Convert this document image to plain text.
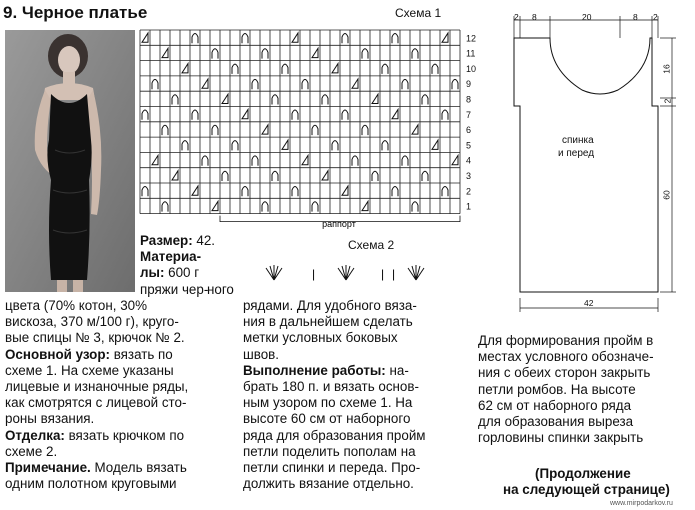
9. Черное платье	Схема 1
12
11
10
9
8
7
6
5
4
3
2
1
раппорт
Схема 2
|	| |
2 8	20	8 2
16
2
60
42
спинка
и перед
Размер: 42.
Материа-
лы: 600 г
пряжи чер-
ного
цвета (70% котон, 30%
вискоза, 370 м/100 г), круго-
вые спицы № 3, крючок № 2.
Основной узор: вязать по
схеме 1. На схеме указаны
лицевые и изнаночные ряды,
как смотрятся с лицевой сто-
роны вязания.
Отделка: вязать крючком по
схеме 2.
Примечание. Модель вязать
одним полотном круговыми
рядами. Для удобного вяза-
ния в дальнейшем сделать
метки условных боковых
швов.
Выполнение работы: на-
брать 180 п. и вязать основ-
ным узором по схеме 1. На
высоте 60 см от наборного
ряда для образования пройм
петли поделить пополам на
петли спинки и переда. Про-
должить вязание отдельно.
Для формирования пройм в
местах условного обозначе-
ния с обеих сторон закрыть
петли ромбов. На высоте
62 см от наборного ряда
для образования выреза
горловины спинки закрыть
(Продолжение
на следующей странице)
www.mirpodarkov.ru
